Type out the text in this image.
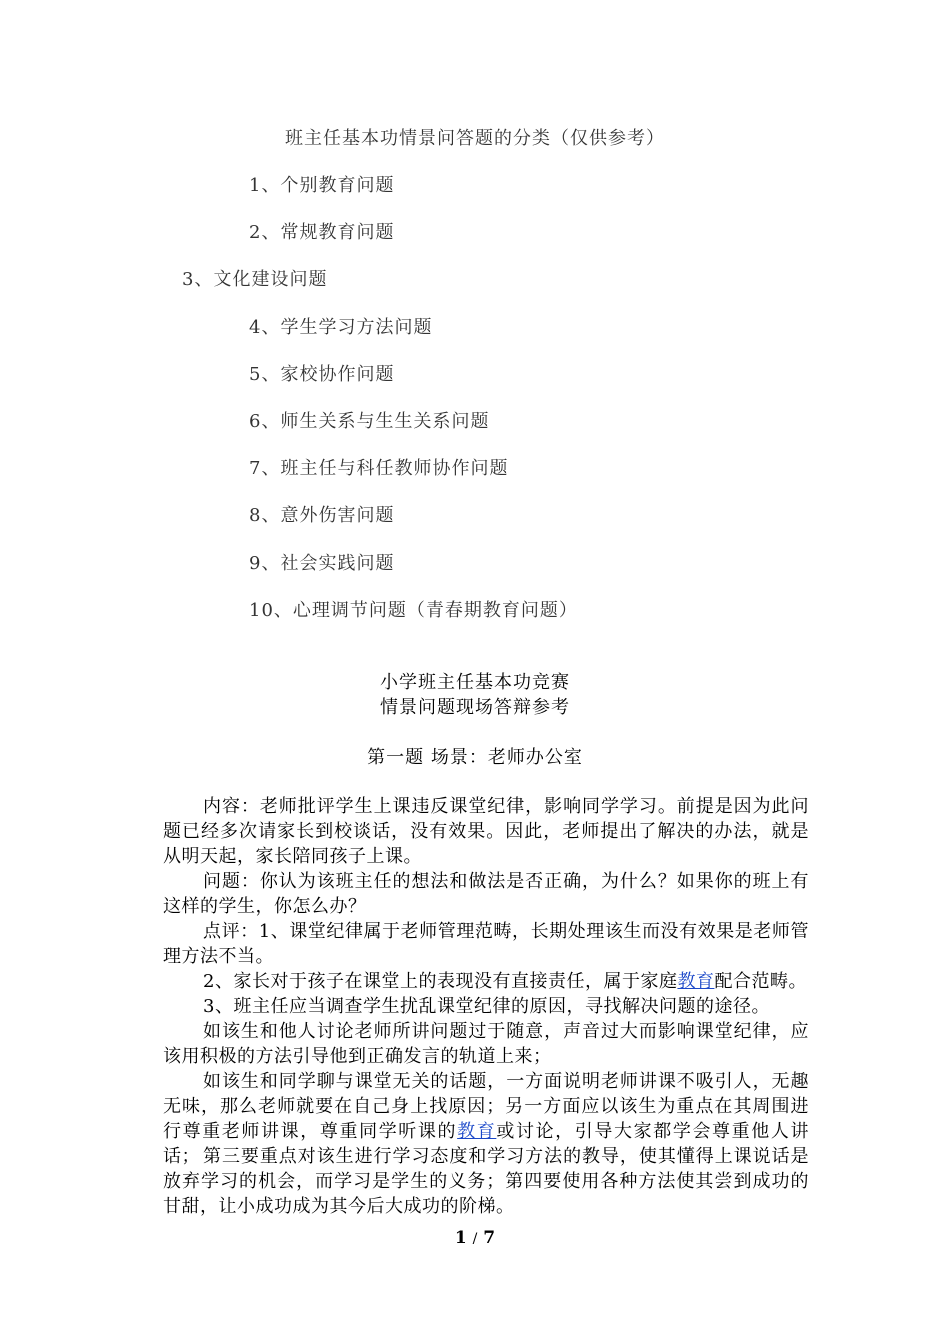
班主任基本功情景问答题的分类（仅供参考）
1、个别教育问题
2、常规教育问题
3、文化建设问题
4、学生学习方法问题
5、家校协作问题
6、师生关系与生生关系问题
7、班主任与科任教师协作问题
8、意外伤害问题
9、社会实践问题
10、心理调节问题（青春期教育问题）
小学班主任基本功竞赛
情景问题现场答辩参考
第一题 场景：老师办公室
内容：老师批评学生上课违反课堂纪律，影响同学学习。前提是因为此问题已经多次请家长到校谈话，没有效果。因此，老师提出了解决的办法，就是从明天起，家长陪同孩子上课。
问题：你认为该班主任的想法和做法是否正确，为什么？如果你的班上有这样的学生，你怎么办？
点评：1、课堂纪律属于老师管理范畴，长期处理该生而没有效果是老师管理方法不当。
2、家长对于孩子在课堂上的表现没有直接责任，属于家庭教育配合范畴。
3、班主任应当调查学生扰乱课堂纪律的原因，寻找解决问题的途径。
如该生和他人讨论老师所讲问题过于随意，声音过大而影响课堂纪律，应该用积极的方法引导他到正确发言的轨道上来；
如该生和同学聊与课堂无关的话题，一方面说明老师讲课不吸引人，无趣无味，那么老师就要在自己身上找原因；另一方面应以该生为重点在其周围进行尊重老师讲课，尊重同学听课的教育或讨论，引导大家都学会尊重他人讲话； 第三要重点对该生进行学习态度和学习方法的教导，使其懂得上课说话是放弃学习的机会，而学习是学生的义务；第四要使用各种方法使其尝到成功的甘甜，让小成功成为其今后大成功的阶梯。
1 / 7
